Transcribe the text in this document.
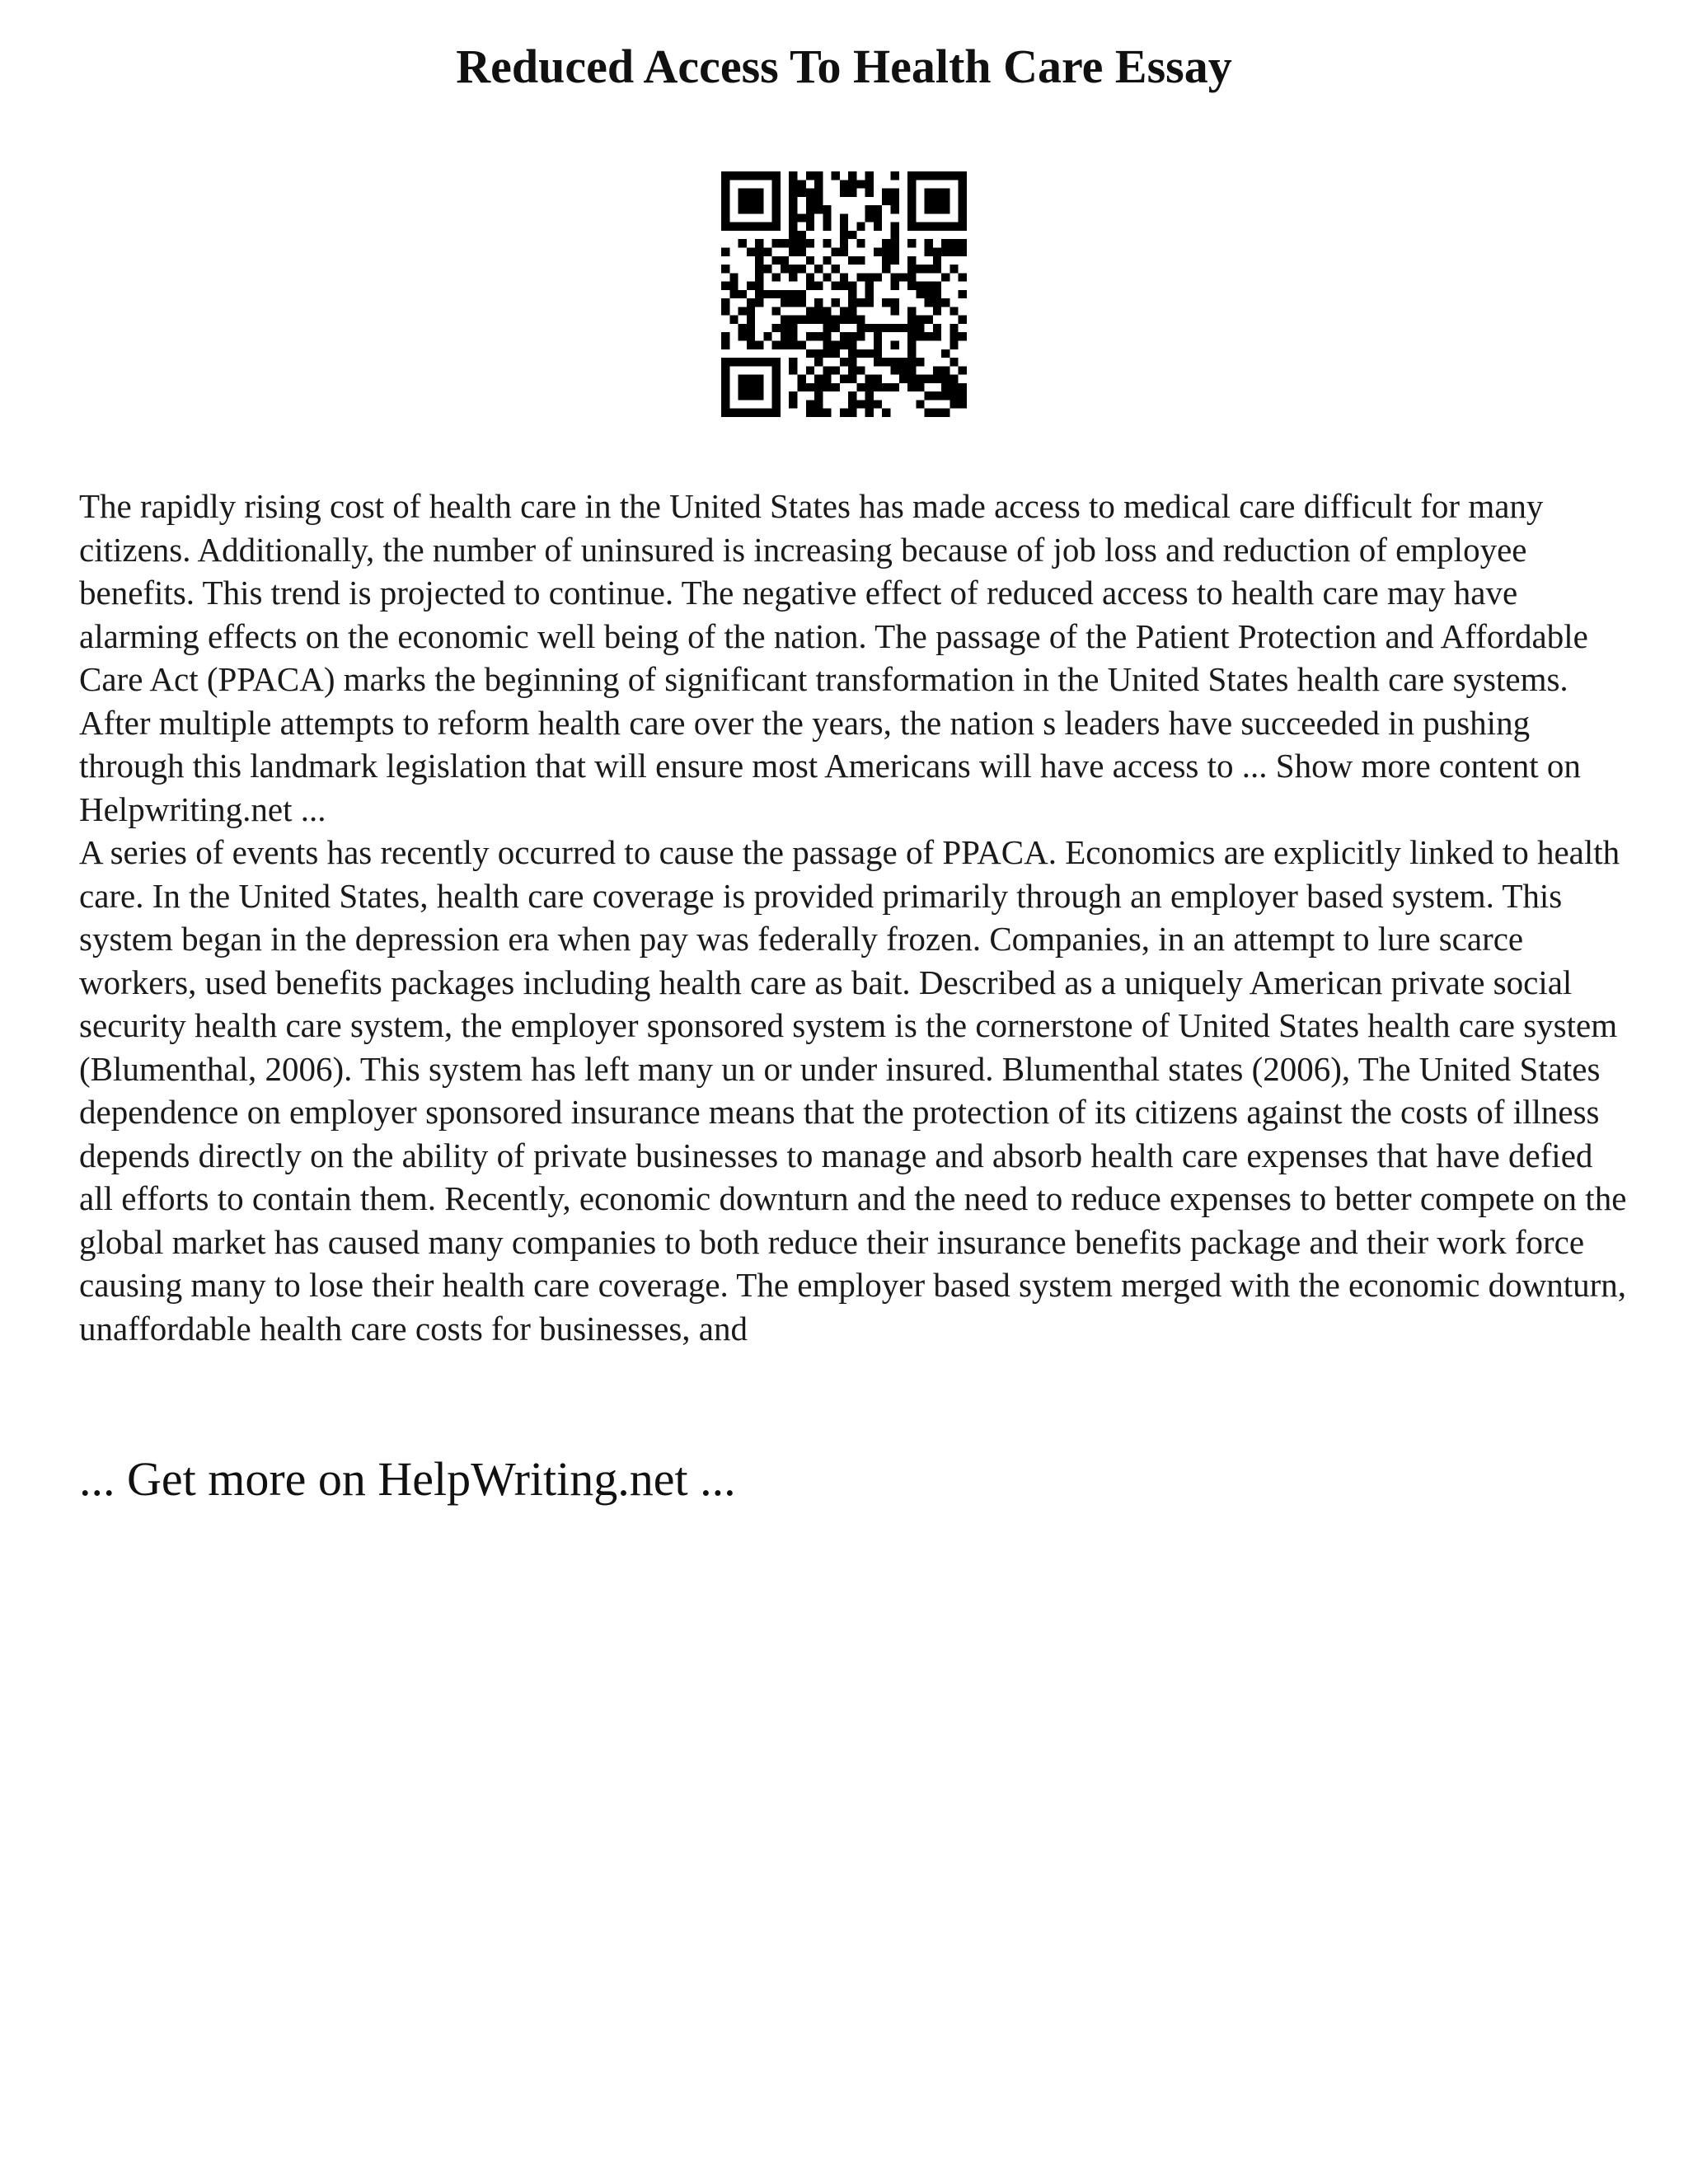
Reduced Access To Health Care Essay

The rapidly rising cost of health care in the United States has made access to medical care difficult for many citizens. Additionally, the number of uninsured is increasing because of job loss and reduction of employee benefits. This trend is projected to continue. The negative effect of reduced access to health care may have alarming effects on the economic well being of the nation. The passage of the Patient Protection and Affordable Care Act (PPACA) marks the beginning of significant transformation in the United States health care systems. After multiple attempts to reform health care over the years, the nation s leaders have succeeded in pushing through this landmark legislation that will ensure most Americans will have access to ... Show more content on Helpwriting.net ...

A series of events has recently occurred to cause the passage of PPACA. Economics are explicitly linked to health care. In the United States, health care coverage is provided primarily through an employer based system. This system began in the depression era when pay was federally frozen. Companies, in an attempt to lure scarce workers, used benefits packages including health care as bait. Described as a uniquely American private social security health care system, the employer sponsored system is the cornerstone of United States health care system (Blumenthal, 2006). This system has left many un or under insured. Blumenthal states (2006), The United States dependence on employer sponsored insurance means that the protection of its citizens against the costs of illness depends directly on the ability of private businesses to manage and absorb health care expenses that have defied all efforts to contain them. Recently, economic downturn and the need to reduce expenses to better compete on the global market has caused many companies to both reduce their insurance benefits package and their work force causing many to lose their health care coverage. The employer based system merged with the economic downturn, unaffordable health care costs for businesses, and

... Get more on HelpWriting.net ...
